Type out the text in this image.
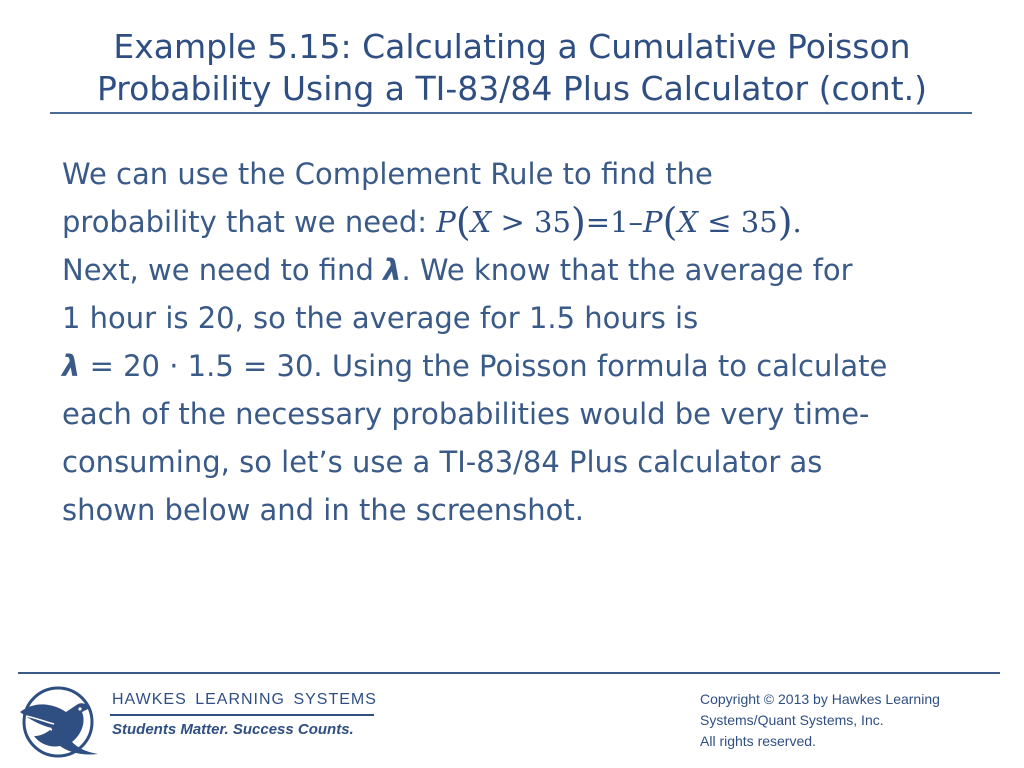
Example 5.15: Calculating a Cumulative Poisson
Probability Using a TI-83/84 Plus Calculator (cont.)
We can use the Complement Rule to find the
probability that we need: P(X > 35)=1–P(X ≤ 35).
Next, we need to find λ. We know that the average for
1 hour is 20, so the average for 1.5 hours is
λ = 20 · 1.5 = 30. Using the Poisson formula to calculate
each of the necessary probabilities would be very time-
consuming, so let’s use a TI-83/84 Plus calculator as
shown below and in the screenshot.
HAWKES LEARNING SYSTEMS
Students Matter. Success Counts.
Copyright © 2013 by Hawkes Learning
Systems/Quant Systems, Inc.
All rights reserved.
